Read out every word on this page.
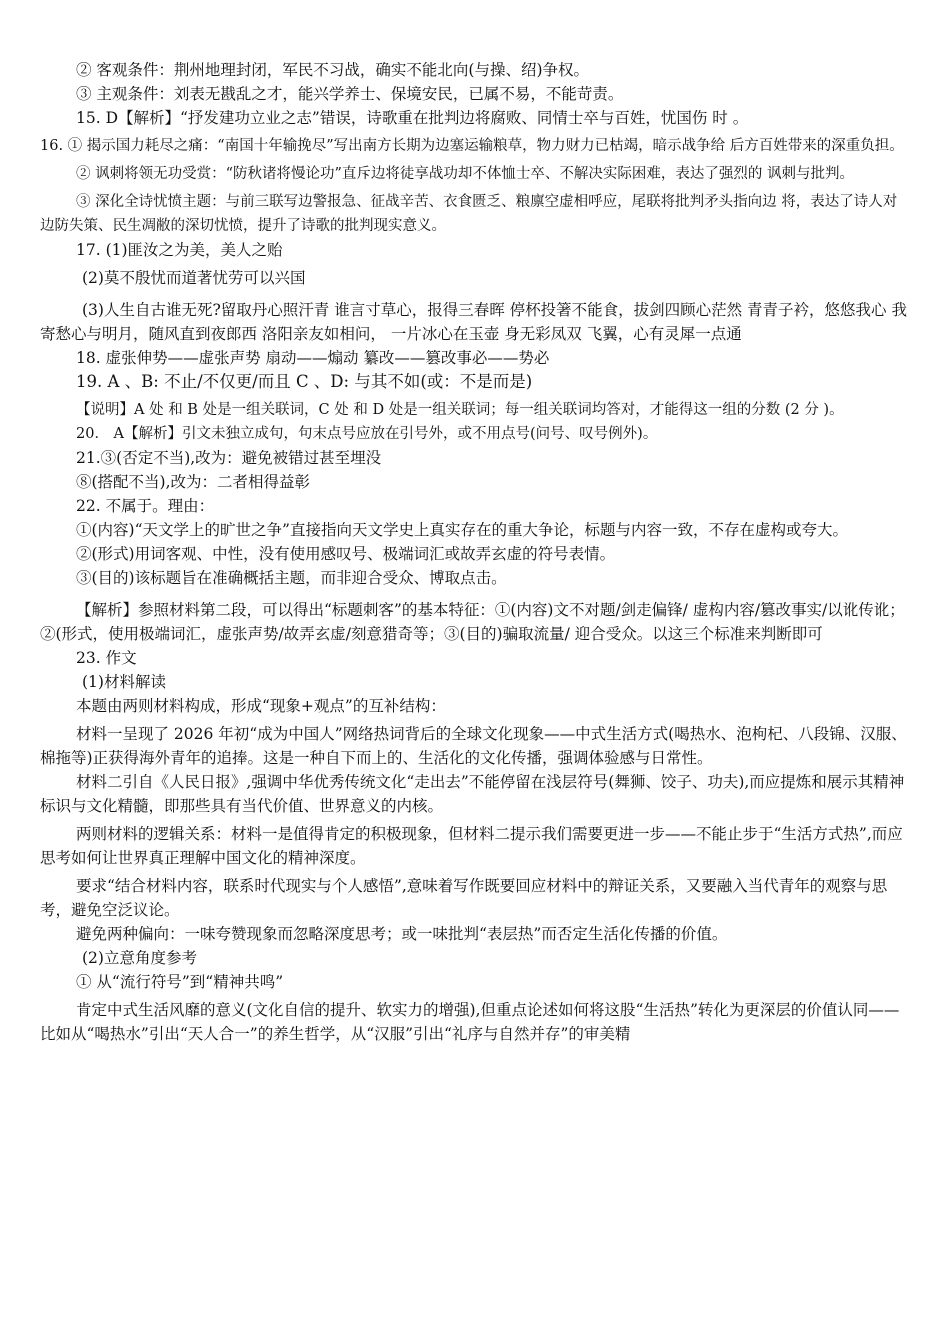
② 客观条件：荆州地理封闭，军民不习战，确实不能北向(与操、绍)争权。
③ 主观条件：刘表无戡乱之才，能兴学养士、保境安民，已属不易，不能苛责。
15. D【解析】“抒发建功立业之志”错误，诗歌重在批判边将腐败、同情士卒与百姓，忧国伤 时 。
16. ① 揭示国力耗尽之痛：“南国十年输挽尽”写出南方长期为边塞运输粮草，物力财力已枯竭，暗示战争给 后方百姓带来的深重负担。
② 讽刺将领无功受赏：“防秋诸将慢论功”直斥边将徒享战功却不体恤士卒、不解决实际困难，表达了强烈的 讽刺与批判。
③ 深化全诗忧愤主题：与前三联写边警报急、征战辛苦、衣食匮乏、粮廪空虚相呼应，尾联将批判矛头指向边 将，表达了诗人对边防失策、民生凋敝的深切忧愤，提升了诗歌的批判现实意义。
17. (1)匪汝之为美，美人之贻
(2)莫不殷忧而道著忧劳可以兴国
(3)人生自古谁无死?留取丹心照汗青 谁言寸草心，报得三春晖 停杯投箸不能食，拔剑四顾心茫然 青青子衿，悠悠我心 我寄愁心与明月，随风直到夜郎西 洛阳亲友如相问， 一片冰心在玉壶 身无彩凤双 飞翼，心有灵犀一点通
18. 虚张伸势——虚张声势 扇动——煽动 纂改——篡改事必——势必
19. A 、B: 不止/不仅更/而且 C 、D: 与其不如(或：不是而是)
【说明】A 处 和 B 处是一组关联词，C 处 和 D 处是一组关联词；每一组关联词均答对，才能得这一组的分数 (2 分 )。
20． A【解析】引文未独立成句，句末点号应放在引号外，或不用点号(问号、叹号例外)。
21.③(否定不当),改为：避免被错过甚至埋没
⑧(搭配不当),改为：二者相得益彰
22. 不属于。理由：
①(内容)“天文学上的旷世之争”直接指向天文学史上真实存在的重大争论，标题与内容一致，不存在虚构或夸大。
②(形式)用词客观、中性，没有使用感叹号、极端词汇或故弄玄虚的符号表情。
③(目的)该标题旨在准确概括主题，而非迎合受众、博取点击。
【解析】参照材料第二段，可以得出“标题刺客”的基本特征：①(内容)文不对题/剑走偏锋/ 虚构内容/篡改事实/以讹传讹；②(形式，使用极端词汇，虚张声势/故弄玄虚/刻意猎奇等；③(目的)骗取流量/ 迎合受众。以这三个标准来判断即可
23. 作文
(1)材料解读
本题由两则材料构成，形成“现象+观点”的互补结构：
材料一呈现了 2026 年初“成为中国人”网络热词背后的全球文化现象——中式生活方式(喝热水、泡枸杞、八段锦、汉服、棉拖等)正获得海外青年的追捧。这是一种自下而上的、生活化的文化传播，强调体验感与日常性。
材料二引自《人民日报》,强调中华优秀传统文化“走出去”不能停留在浅层符号(舞狮、饺子、功夫),而应提炼和展示其精神标识与文化精髓，即那些具有当代价值、世界意义的内核。
两则材料的逻辑关系：材料一是值得肯定的积极现象，但材料二提示我们需要更进一步——不能止步于“生活方式热”,而应思考如何让世界真正理解中国文化的精神深度。
要求“结合材料内容，联系时代现实与个人感悟”,意味着写作既要回应材料中的辩证关系，又要融入当代青年的观察与思考，避免空泛议论。
避免两种偏向：一味夸赞现象而忽略深度思考；或一味批判“表层热”而否定生活化传播的价值。
(2)立意角度参考
① 从“流行符号”到“精神共鸣”
肯定中式生活风靡的意义(文化自信的提升、软实力的增强),但重点论述如何将这股“生活热”转化为更深层的价值认同——比如从“喝热水”引出“天人合一”的养生哲学，从“汉服”引出“礼序与自然并存”的审美精
